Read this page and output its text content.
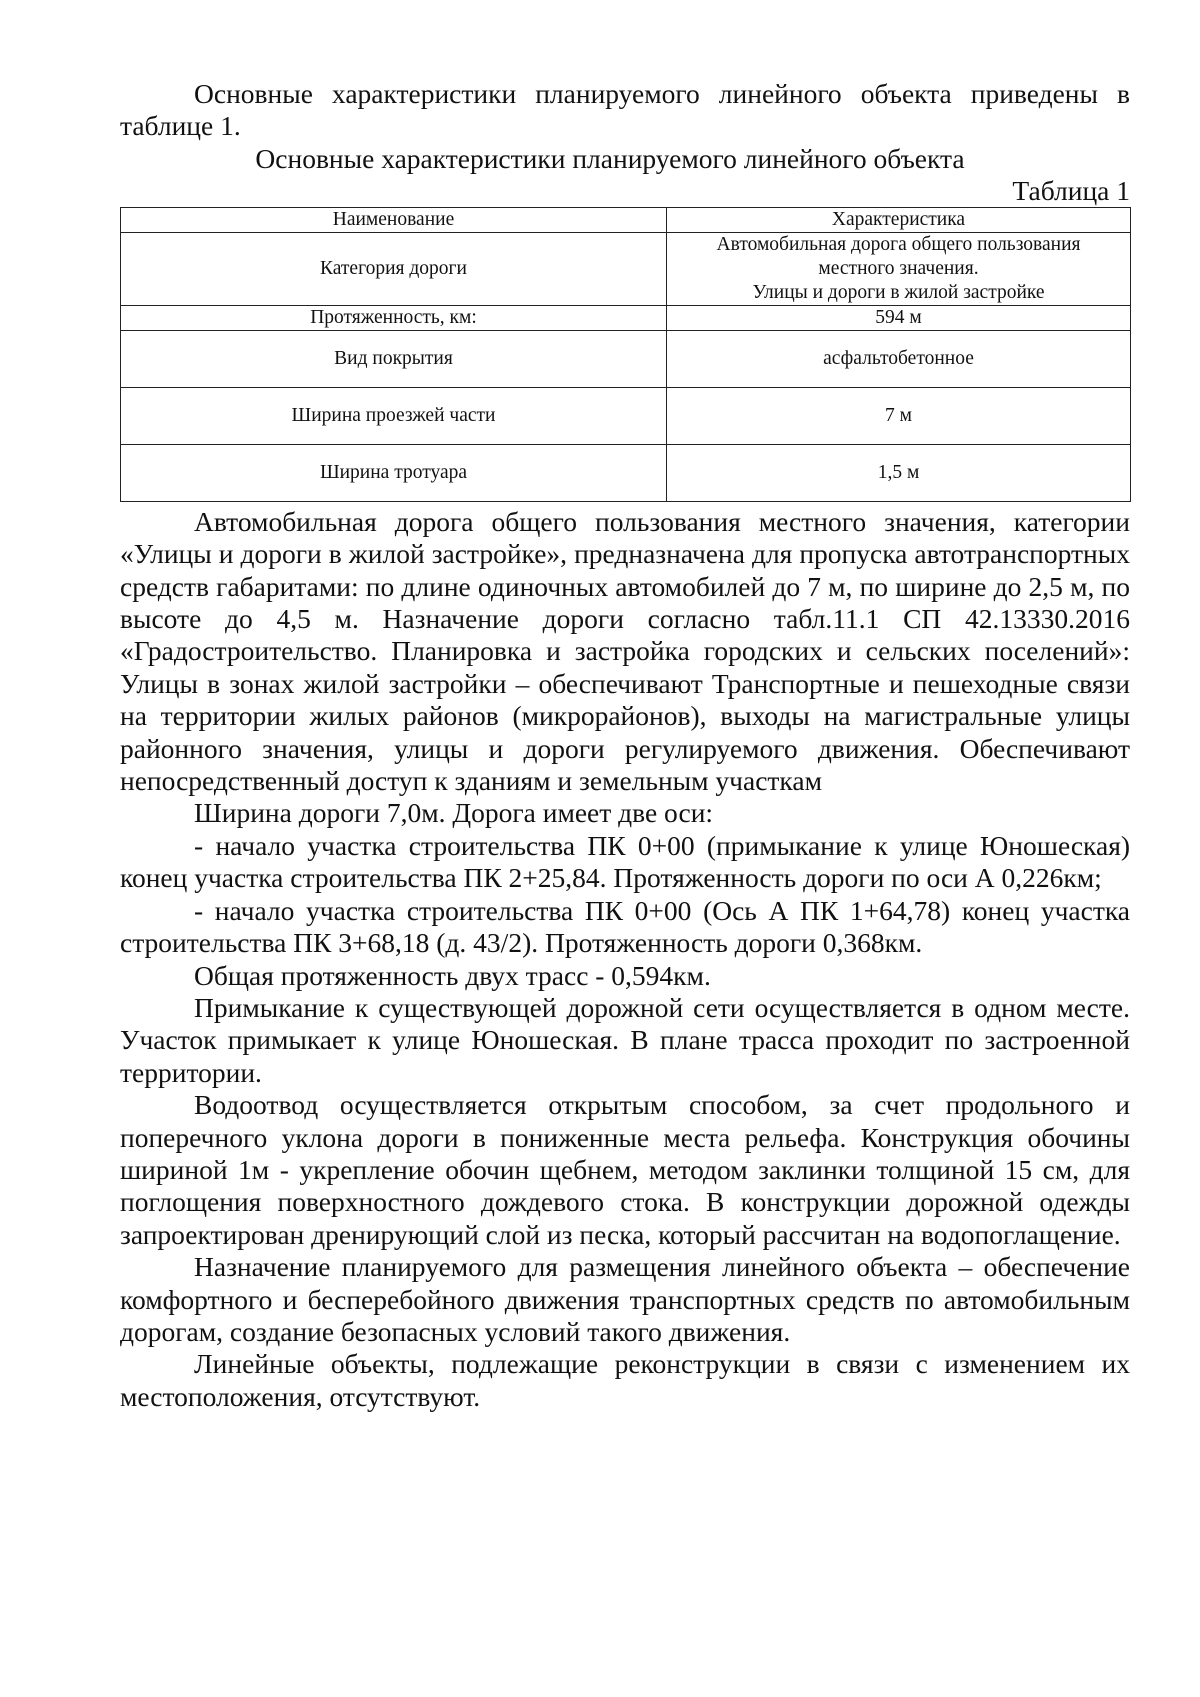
Основные характеристики планируемого линейного объекта приведены в таблице 1.

Основные характеристики планируемого линейного объекта

Таблица 1

Наименование	Характеристика
Категория дороги	Автомобильная дорога общего пользования
местного значения.
Улицы и дороги в жилой застройке

Протяженность, км:	594 м
Вид покрытия	асфальтобетонное
Ширина проезжей части	7 м
Ширина тротуара	1,5 м

Автомобильная дорога общего пользования местного значения, категории «Улицы и дороги в жилой застройке», предназначена для пропуска автотранспортных средств габаритами: по длине одиночных автомобилей до 7 м, по ширине до 2,5 м, по высоте до 4,5 м. Назначение дороги согласно табл.11.1 СП 42.13330.2016 «Градостроительство. Планировка и застройка городских и сельских поселений»: Улицы в зонах жилой застройки – обеспечивают Транспортные и пешеходные связи на территории жилых районов (микрорайонов), выходы на магистральные улицы районного значения, улицы и дороги регулируемого движения. Обеспечивают непосредственный доступ к зданиям и земельным участкам

Ширина дороги 7,0м. Дорога имеет две оси:

- начало участка строительства ПК 0+00 (примыкание к улице Юношеская) конец участка строительства ПК 2+25,84. Протяженность дороги по оси А 0,226км;

- начало участка строительства ПК 0+00 (Ось А ПК 1+64,78) конец участка строительства ПК 3+68,18 (д. 43/2). Протяженность дороги 0,368км.

Общая протяженность двух трасс - 0,594км.

Примыкание к существующей дорожной сети осуществляется в одном месте. Участок примыкает к улице Юношеская. В плане трасса проходит по застроенной территории.

Водоотвод осуществляется открытым способом, за счет продольного и поперечного уклона дороги в пониженные места рельефа. Конструкция обочины шириной 1м - укрепление обочин щебнем, методом заклинки толщиной 15 см, для поглощения поверхностного дождевого стока. В конструкции дорожной одежды запроектирован дренирующий слой из песка, который рассчитан на водопоглащение.

Назначение планируемого для размещения линейного объекта – обеспечение комфортного и бесперебойного движения транспортных средств по автомобильным дорогам, создание безопасных условий такого движения.

Линейные объекты, подлежащие реконструкции в связи с изменением их местоположения, отсутствуют.
